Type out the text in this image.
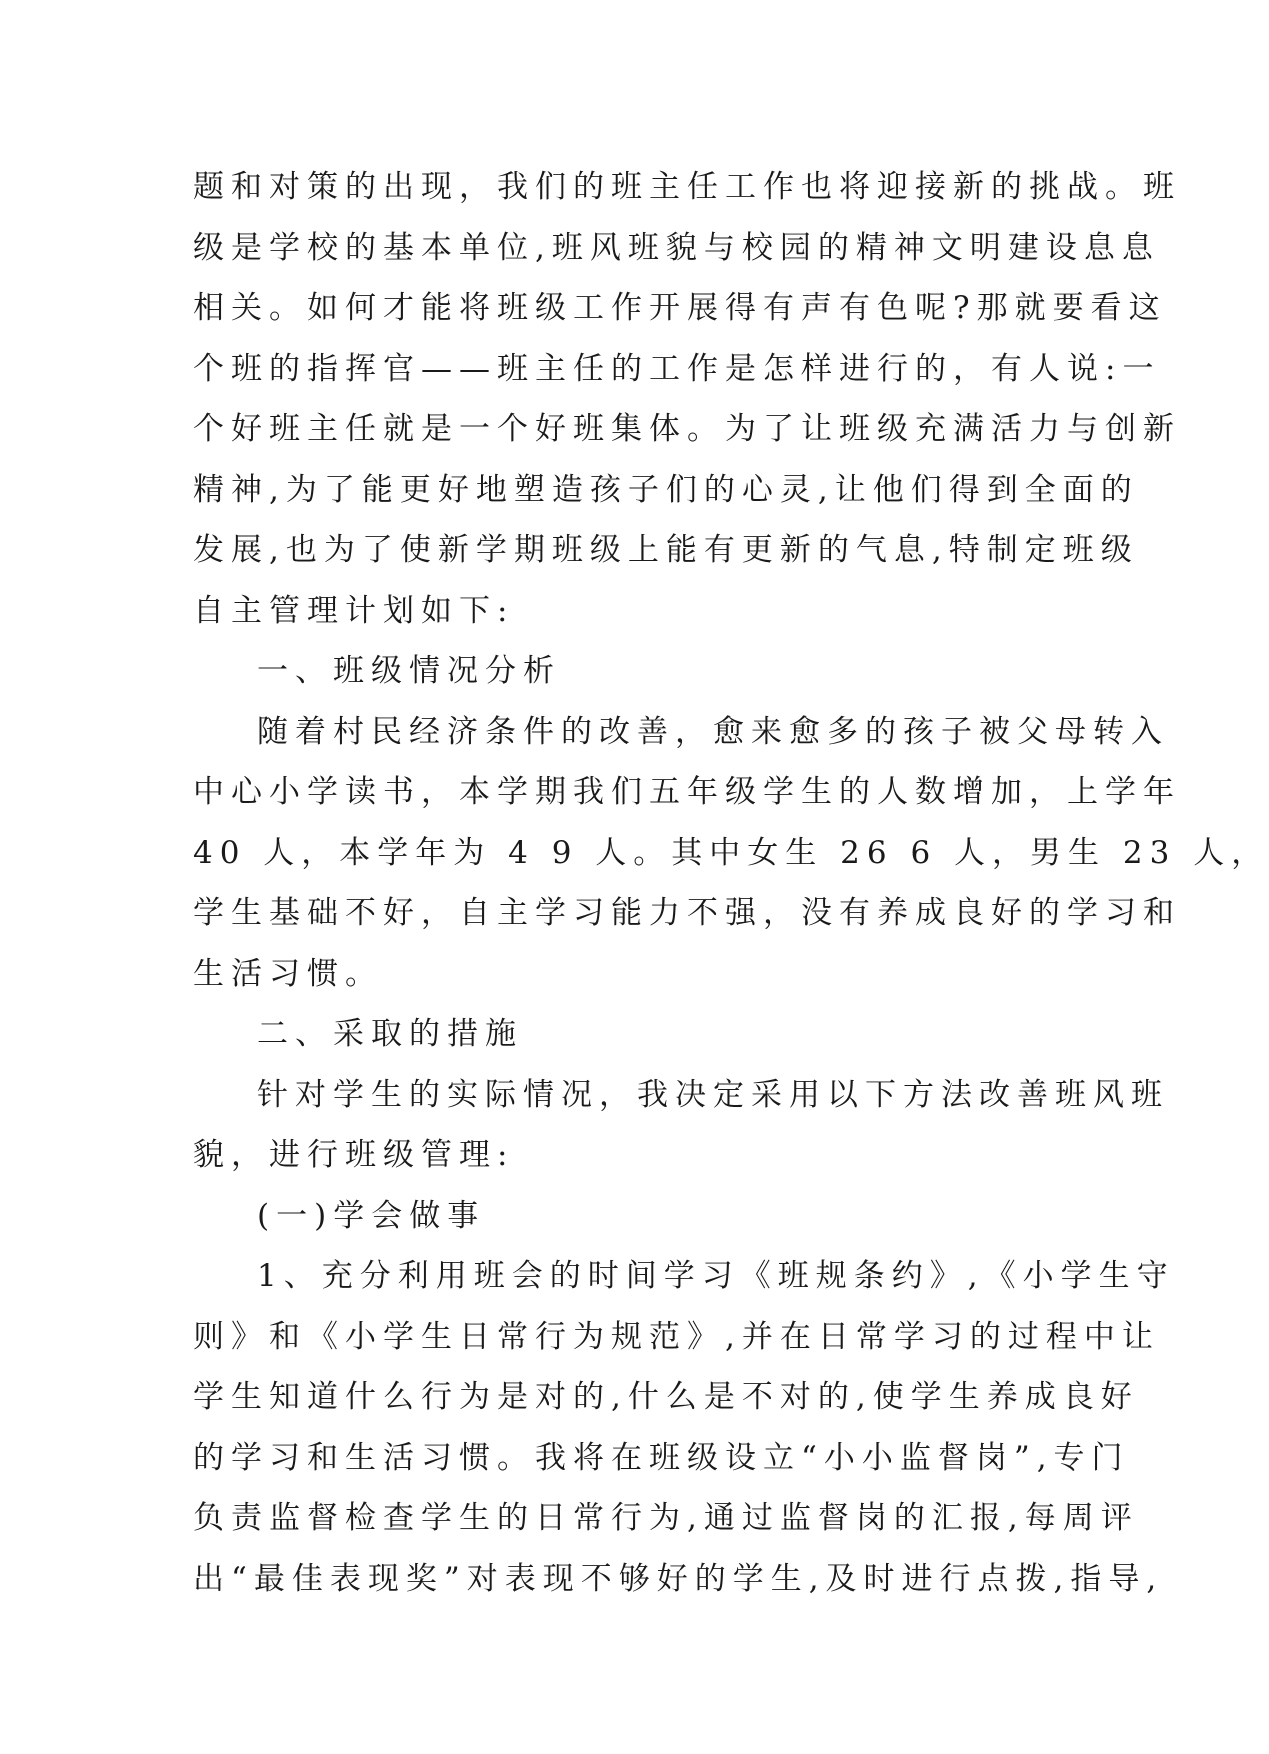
题和对策的出现，我们的班主任工作也将迎接新的挑战。班
级是学校的基本单位,班风班貌与校园的精神文明建设息息
相关。如何才能将班级工作开展得有声有色呢?那就要看这
个班的指挥官——班主任的工作是怎样进行的，有人说:一
个好班主任就是一个好班集体。为了让班级充满活力与创新
精神,为了能更好地塑造孩子们的心灵,让他们得到全面的
发展,也为了使新学期班级上能有更新的气息,特制定班级
自主管理计划如下:
一、班级情况分析
随着村民经济条件的改善，愈来愈多的孩子被父母转入
中心小学读书，本学期我们五年级学生的人数增加，上学年
40 人，本学年为 4 9 人。其中女生 26 6 人，男生 23 人，
学生基础不好，自主学习能力不强，没有养成良好的学习和
生活习惯。
二、采取的措施
针对学生的实际情况，我决定采用以下方法改善班风班
貌，进行班级管理:
(一)学会做事
1、充分利用班会的时间学习《班规条约》,《小学生守
则》和《小学生日常行为规范》,并在日常学习的过程中让
学生知道什么行为是对的,什么是不对的,使学生养成良好
的学习和生活习惯。我将在班级设立“小小监督岗”,专门
负责监督检查学生的日常行为,通过监督岗的汇报,每周评
出“最佳表现奖”对表现不够好的学生,及时进行点拨,指导,
